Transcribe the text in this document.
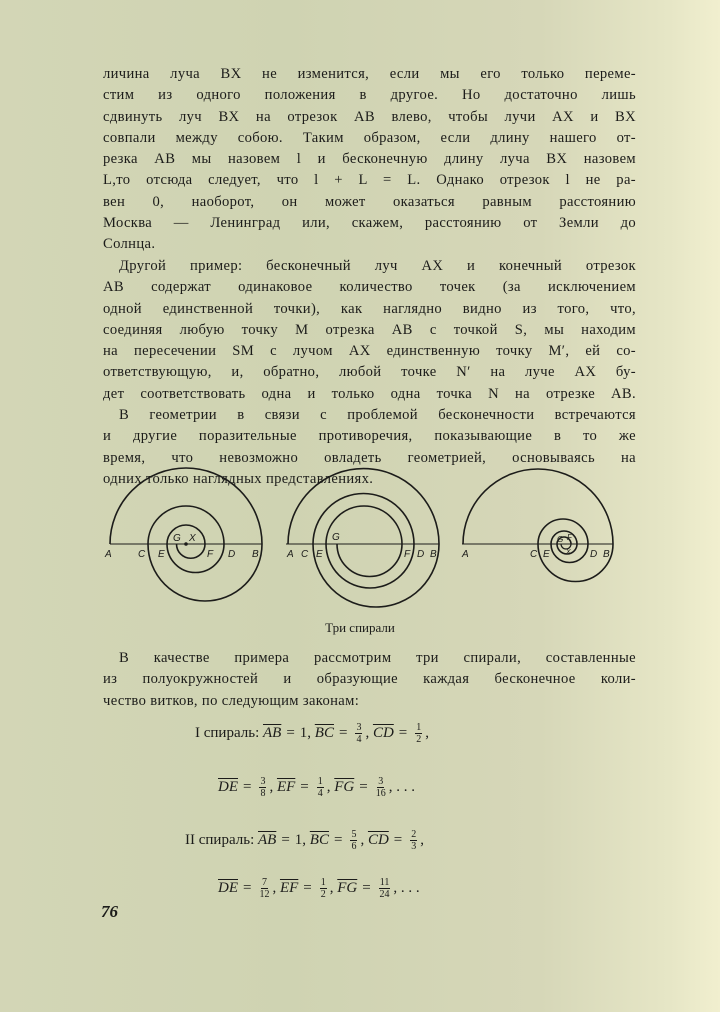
личина луча BX не изменится, если мы его только переме-
стим из одного положения в другое. Но достаточно лишь
сдвинуть луч BX на отрезок AB влево, чтобы лучи AX и BX
совпали между собою. Таким образом, если длину нашего от-
резка AB мы назовем l и бесконечную длину луча BX назовем
L,то отсюда следует, что l + L = L. Однако отрезок l не ра-
вен 0, наоборот, он может оказаться равным расстоянию
Москва — Ленинград или, скажем, расстоянию от Земли до
Солнца.
Другой пример: бесконечный луч AX и конечный отрезок
AB содержат одинаковое количество точек (за исключением
одной единственной точки), как наглядно видно из того, что,
соединяя любую точку M отрезка AB с точкой S, мы находим
на пересечении SM с лучом AX единственную точку M′, ей со-
ответствующую, и, обратно, любой точке N′ на луче AX бу-
дет соответствовать одна и только одна точка N на отрезке AB.
В геометрии в связи с проблемой бесконечности встречаются
и другие поразительные противоречия, показывающие в то же
время, что невозможно овладеть геометрией, основываясь на
одних только наглядных представлениях.
A	C E
G X
F D B	A C E
G
F D B	A	C E
G F
X D B
Три спирали
В качестве примера рассмотрим три спирали, составленные
из полуокружностей и образующие каждая бесконечное коли-
чество витков, по следующим законам:
I спираль:
$\overline{AB} = 1$ , $\overline{BC} = \frac{3}{4}$ , $\overline{CD} = \frac{1}{2}$ ,
$\overline{DE} = \frac{3}{8}$ , $\overline{EF} = \frac{1}{4}$ , $\overline{FG} = \frac{3}{16}$ , . . .
II спираль:
$\overline{AB} = 1$ , $\overline{BC} = \frac{5}{6}$ , $\overline{CD} = \frac{2}{3}$ ,
$\overline{DE} = \frac{7}{12}$ , $\overline{EF} = \frac{1}{2}$ , $\overline{FG} = \frac{11}{24}$ , . . .
76
